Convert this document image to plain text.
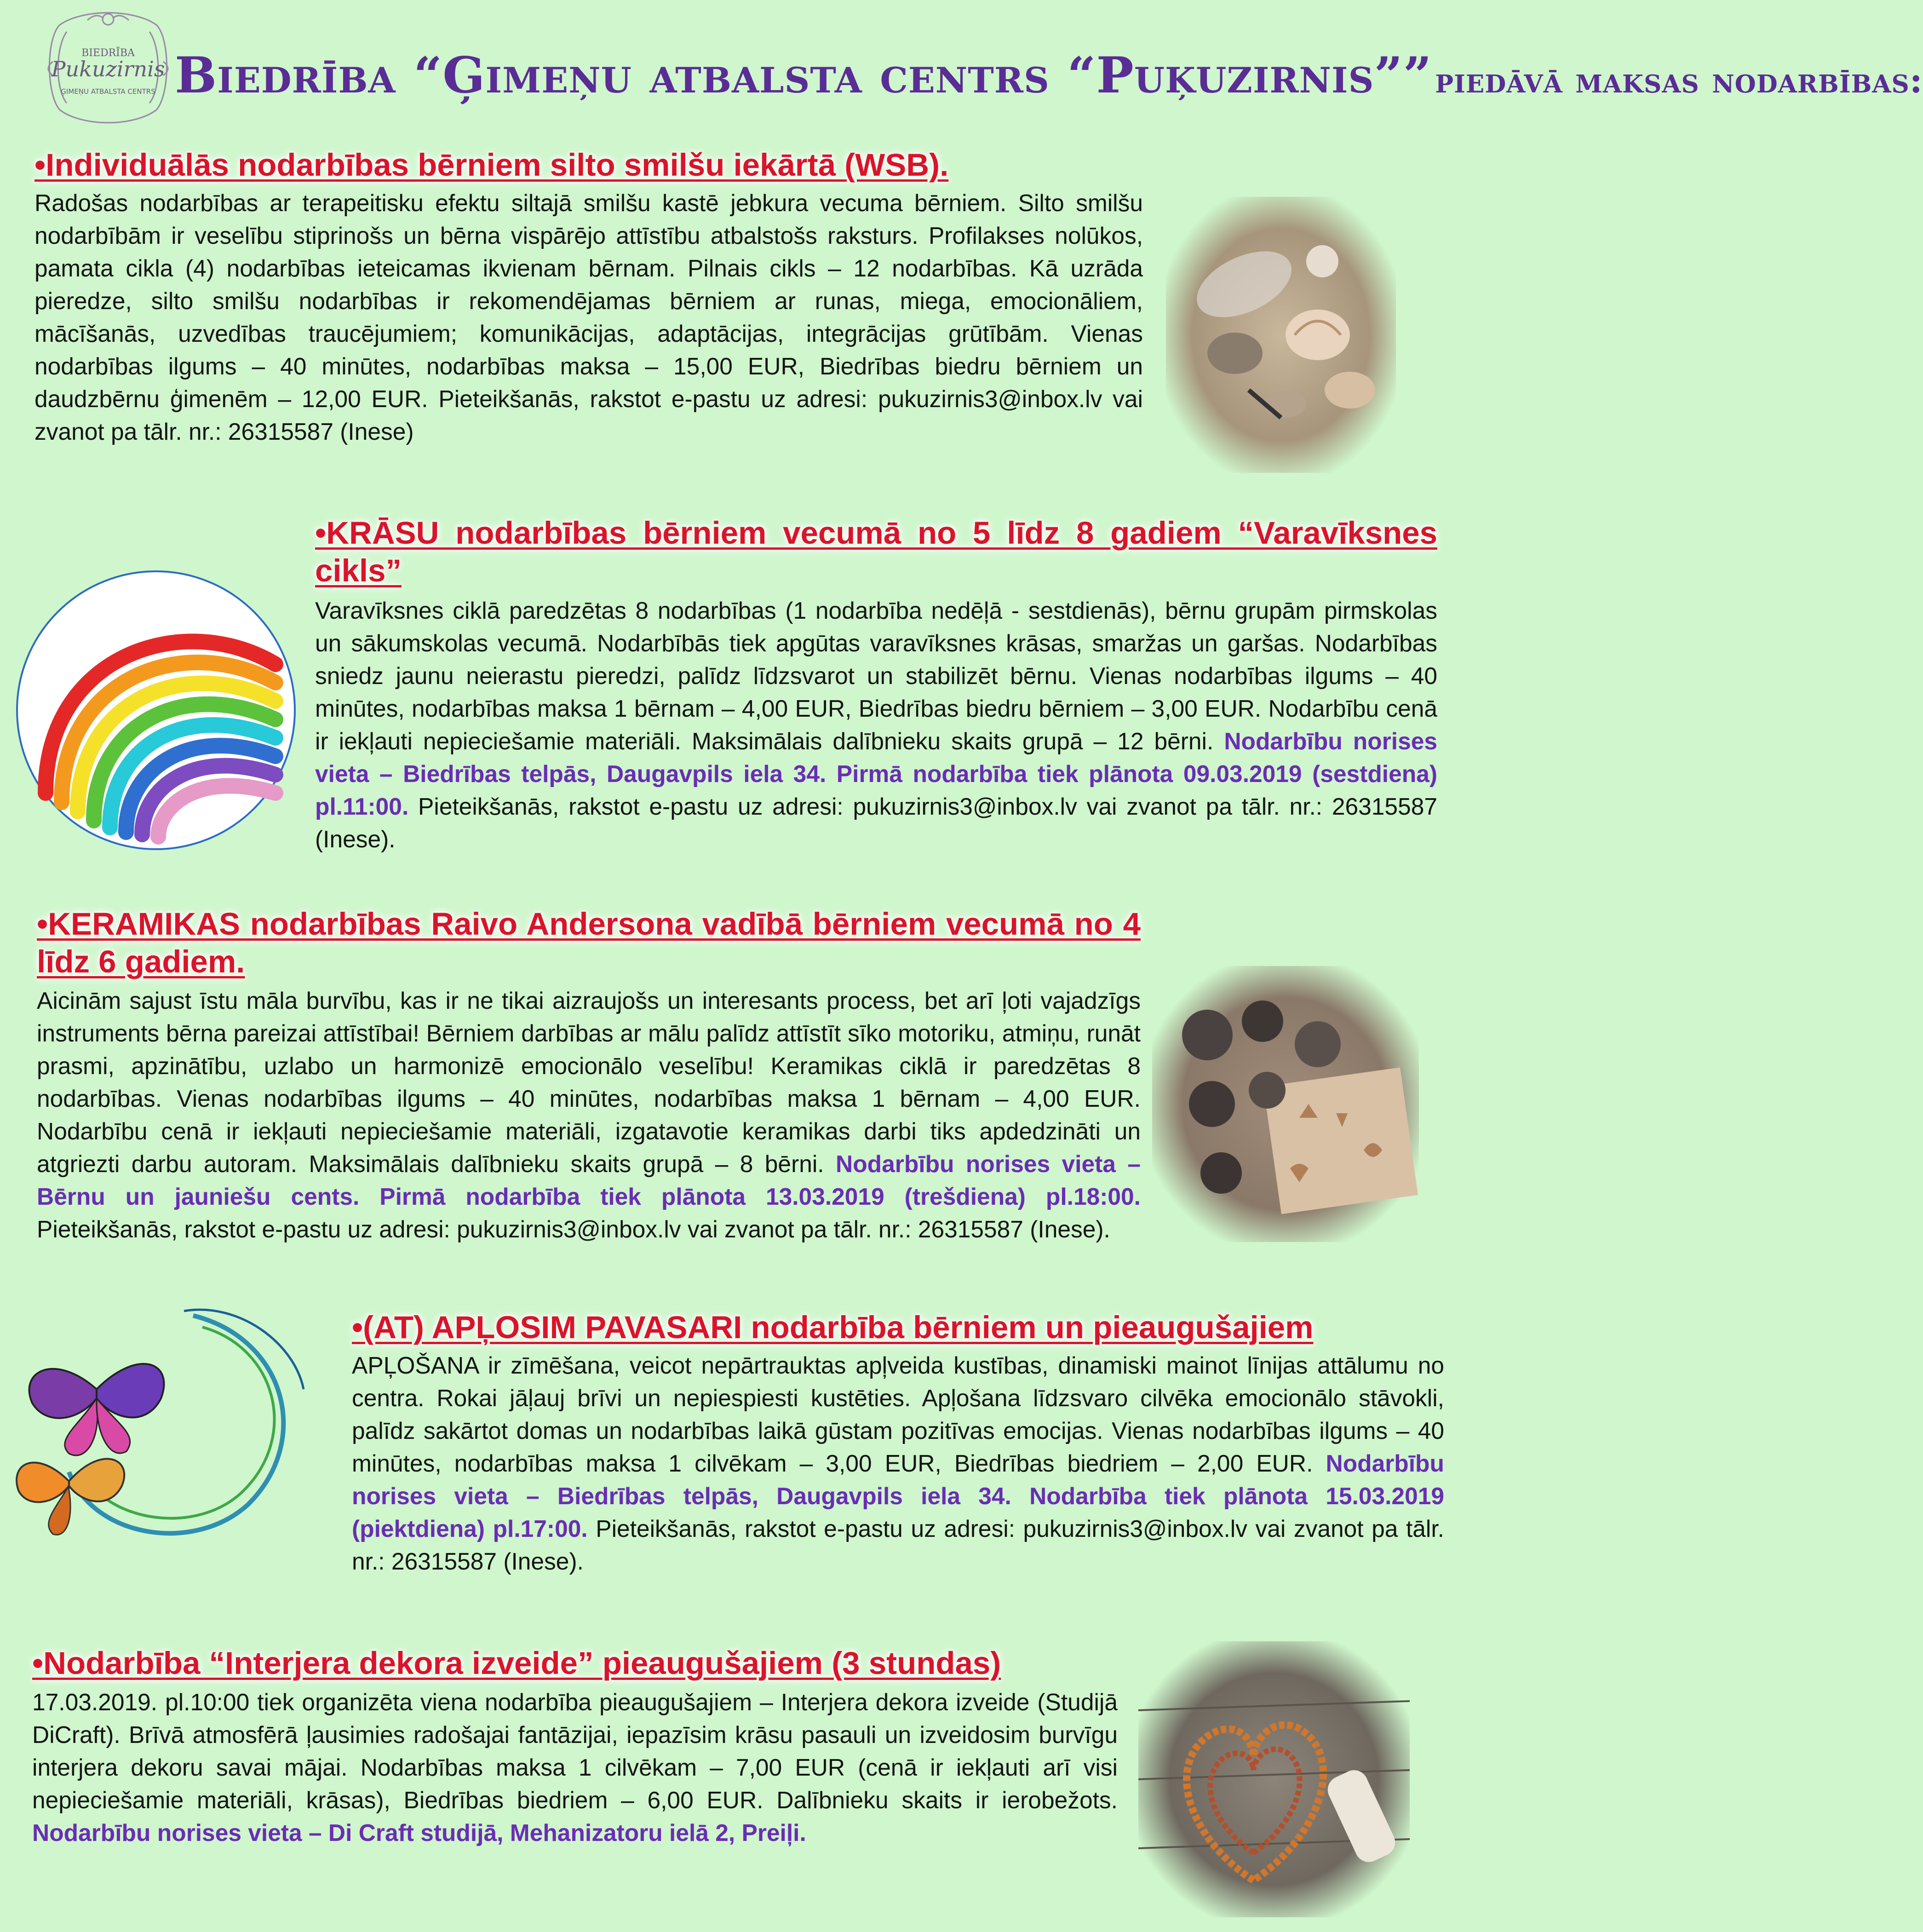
BIEDRĪBA
Pukuzirnis
ĢIMEŅU ATBALSTA CENTRS Biedrība “Ģimeņu atbalsta centrs “Puķuzirnis”” piedāvā maksas nodarbības:
•Individuālās nodarbības bērniem silto smilšu iekārtā (WSB).
Radošas nodarbības ar terapeitisku efektu siltajā smilšu kastē jebkura vecuma bērniem. Silto smilšu nodarbībām ir veselību stiprinošs un bērna vispārējo attīstību atbalstošs raksturs. Profilakses nolūkos, pamata cikla (4) nodarbības ieteicamas ikvienam bērnam. Pilnais cikls – 12 nodarbības. Kā uzrāda pieredze, silto smilšu nodarbības ir rekomendējamas bērniem ar runas, miega, emocionāliem, mācīšanās, uzvedības traucējumiem; komunikācijas, adaptācijas, integrācijas grūtībām. Vienas nodarbības ilgums – 40 minūtes, nodarbības maksa – 15,00 EUR, Biedrības biedru bērniem un daudzbērnu ģimenēm – 12,00 EUR. Pieteikšanās, rakstot e-pastu uz adresi: pukuzirnis3@inbox.lv vai zvanot pa tālr. nr.: 26315587 (Inese)
•KRĀSU nodarbības bērniem vecumā no 5 līdz 8 gadiem “Varavīksnes cikls”
Varavīksnes ciklā paredzētas 8 nodarbības (1 nodarbība nedēļā - sestdienās), bērnu grupām pirmskolas un sākumskolas vecumā. Nodarbībās tiek apgūtas varavīksnes krāsas, smaržas un garšas. Nodarbības sniedz jaunu neierastu pieredzi, palīdz līdzsvarot un stabilizēt bērnu. Vienas nodarbības ilgums – 40 minūtes, nodarbības maksa 1 bērnam – 4,00 EUR, Biedrības biedru bērniem – 3,00 EUR. Nodarbību cenā ir iekļauti nepieciešamie materiāli. Maksimālais dalībnieku skaits grupā – 12 bērni. Nodarbību norises vieta – Biedrības telpās, Daugavpils iela 34. Pirmā nodarbība tiek plānota 09.03.2019 (sestdiena) pl.11:00. Pieteikšanās, rakstot e-pastu uz adresi: pukuzirnis3@inbox.lv vai zvanot pa tālr. nr.: 26315587 (Inese).
•KERAMIKAS nodarbības Raivo Andersona vadībā bērniem vecumā no 4 līdz 6 gadiem.
Aicinām sajust īstu māla burvību, kas ir ne tikai aizraujošs un interesants process, bet arī ļoti vajadzīgs instruments bērna pareizai attīstībai! Bērniem darbības ar mālu palīdz attīstīt sīko motoriku, atmiņu, runāt prasmi, apzinātību, uzlabo un harmonizē emocionālo veselību! Keramikas ciklā ir paredzētas 8 nodarbības. Vienas nodarbības ilgums – 40 minūtes, nodarbības maksa 1 bērnam – 4,00 EUR. Nodarbību cenā ir iekļauti nepieciešamie materiāli, izgatavotie keramikas darbi tiks apdedzināti un atgriezti darbu autoram. Maksimālais dalībnieku skaits grupā – 8 bērni. Nodarbību norises vieta – Bērnu un jauniešu cents. Pirmā nodarbība tiek plānota 13.03.2019 (trešdiena) pl.18:00. Pieteikšanās, rakstot e-pastu uz adresi: pukuzirnis3@inbox.lv vai zvanot pa tālr. nr.: 26315587 (Inese).
•(AT) APĻOSIM PAVASARI nodarbība bērniem un pieaugušajiem
APĻOŠANA ir zīmēšana, veicot nepārtrauktas apļveida kustības, dinamiski mainot līnijas attālumu no centra. Rokai jāļauj brīvi un nepiespiesti kustēties. Apļošana līdzsvaro cilvēka emocionālo stāvokli, palīdz sakārtot domas un nodarbības laikā gūstam pozitīvas emocijas. Vienas nodarbības ilgums – 40 minūtes, nodarbības maksa 1 cilvēkam – 3,00 EUR, Biedrības biedriem – 2,00 EUR. Nodarbību norises vieta – Biedrības telpās, Daugavpils iela 34. Nodarbība tiek plānota 15.03.2019 (piektdiena) pl.17:00. Pieteikšanās, rakstot e-pastu uz adresi: pukuzirnis3@inbox.lv vai zvanot pa tālr. nr.: 26315587 (Inese).
•Nodarbība “Interjera dekora izveide” pieaugušajiem (3 stundas)
17.03.2019. pl.10:00 tiek organizēta viena nodarbība pieaugušajiem – Interjera dekora izveide (Studijā DiCraft). Brīvā atmosfērā ļausimies radošajai fantāzijai, iepazīsim krāsu pasauli un izveidosim burvīgu interjera dekoru savai mājai. Nodarbības maksa 1 cilvēkam – 7,00 EUR (cenā ir iekļauti arī visi nepieciešamie materiāli, krāsas), Biedrības biedriem – 6,00 EUR. Dalībnieku skaits ir ierobežots. Nodarbību norises vieta – Di Craft studijā, Mehanizatoru ielā 2, Preiļi.
